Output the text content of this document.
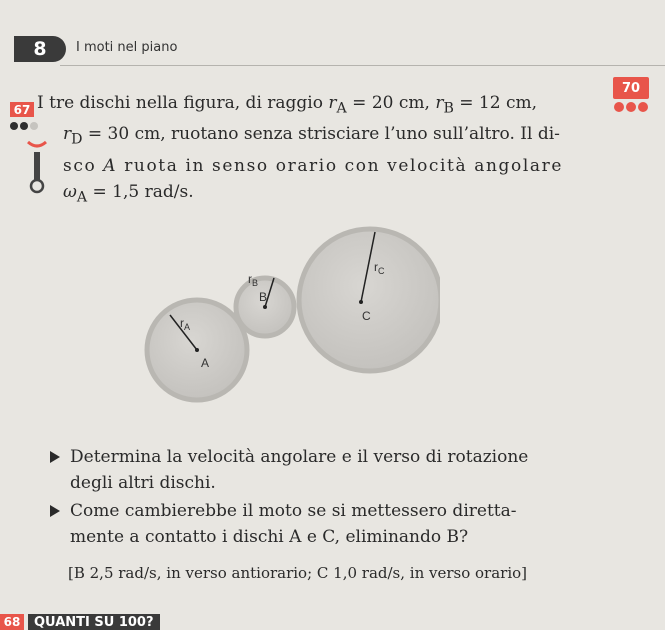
8	I moti nel piano
67
70

I tre dischi nella figura, di raggio $r_A = 20$ cm, $r_B = 12$ cm,

$r_D = 30$ cm, ruotano senza strisciare l’uno sull’altro. Il di-

sco A ruota in senso orario con velocità angolare

$\omega_A = 1,5$ rad/s.

$r_A$
A
$r_B$
B
$r_C$
C
Determina la velocità angolare e il verso di rotazione
degli altri dischi.
Come cambierebbe il moto se si mettessero diretta-
mente a contatto i dischi A e C, eliminando B?
[B 2,5 rad/s, in verso antiorario; C 1,0 rad/s, in verso orario]
68	QUANTI SU 100?
